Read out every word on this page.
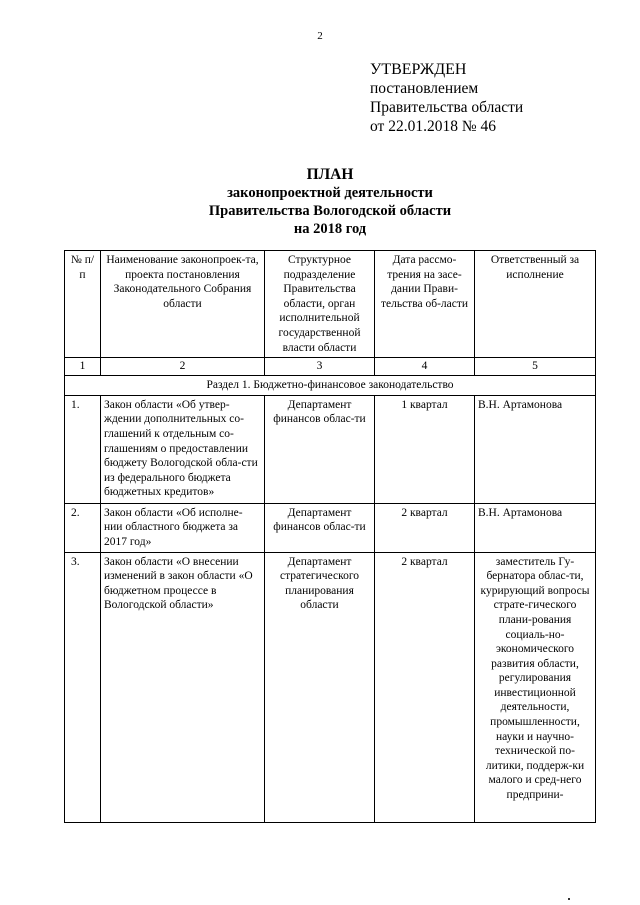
2
УТВЕРЖДЕН
постановлением
Правительства области
от 22.01.2018 № 46
ПЛАН
законопроектной деятельности
Правительства Вологодской области
на 2018 год
№ п/п	Наименование законопроек-та, проекта постановления Законодательного Собрания области	Структурное подразделение Правительства области, орган исполнительной государственной власти области	Дата рассмо-трения на засе-дании Прави-тельства об-ласти	Ответственный за исполнение
1	2	3	4	5
Раздел 1. Бюджетно-финансовое законодательство				
1.	Закон области «Об утвер-ждении дополнительных со-глашений к отдельным со-глашениям о предоставлении бюджету Вологодской обла-сти из федерального бюджета бюджетных кредитов»	Департамент финансов облас-ти	1 квартал	В.Н. Артамонова
2.	Закон области «Об исполне-нии областного бюджета за 2017 год»	Департамент финансов облас-ти	2 квартал	В.Н. Артамонова
3.	Закон области «О внесении изменений в закон области «О бюджетном процессе в Вологодской области»	Департамент стратегического планирования области	2 квартал	заместитель Гу-бернатора облас-ти, курирующий вопросы страте-гического плани-рования социаль-но-экономического развития области, регулирования инвестиционной деятельности, промышленности, науки и научно-технической по-литики, поддерж-ки малого и сред-него предприни-
